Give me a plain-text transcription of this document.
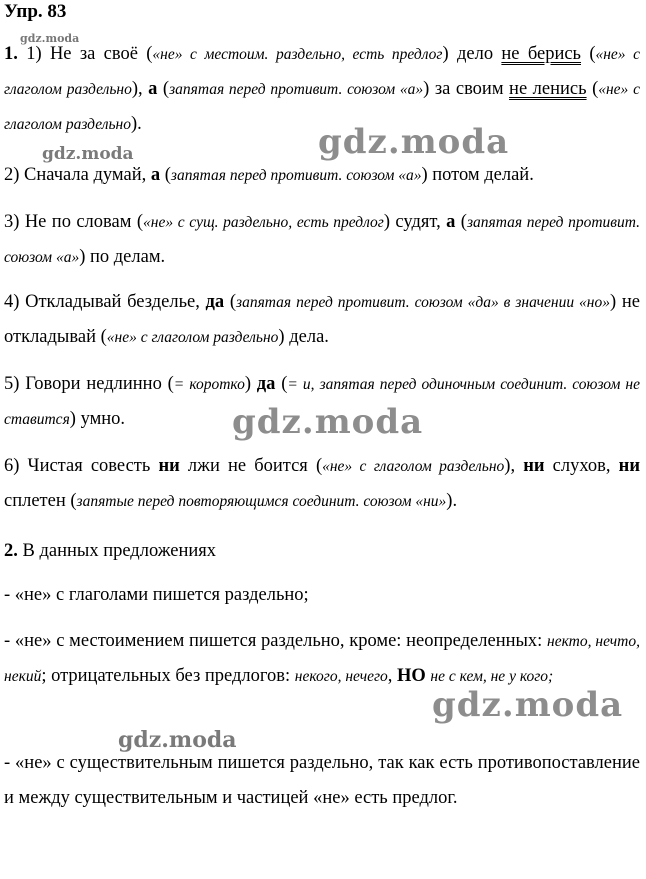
Упр. 83

1. 1) Не за своё («не» с местоим. раздельно, есть предлог) дело не берись («не» с глаголом раздельно), а (запятая перед противит. союзом «а») за своим не ленись («не» с глаголом раздельно).

2) Сначала думай, а (запятая перед противит. союзом «а») потом делай.

3) Не по словам («не» с сущ. раздельно, есть предлог) судят, а (запятая перед противит. союзом «а») по делам.

4) Откладывай безделье, да (запятая перед противит. союзом «да» в значении «но») не откладывай («не» с глаголом раздельно) дела.

5) Говори недлинно (= коротко) да (= и, запятая перед одиночным соединит. союзом не ставится) умно.

6) Чистая совесть ни лжи не боится («не» с глаголом раздельно), ни слухов, ни сплетен (запятые перед повторяющимся соединит. союзом «ни»).

2. В данных предложениях

- «не» с глаголами пишется раздельно;

- «не» с местоимением пишется раздельно, кроме: неопределенных: некто, нечто, некий; отрицательных без предлогов: некого, нечего, НО не с кем, не у кого;

- «не» с существительным пишется раздельно, так как есть противопоставление и между существительным и частицей «не» есть предлог.

gdz.moda
gdz.moda	gdz.moda
gdz.moda
gdz.moda
gdz.moda
